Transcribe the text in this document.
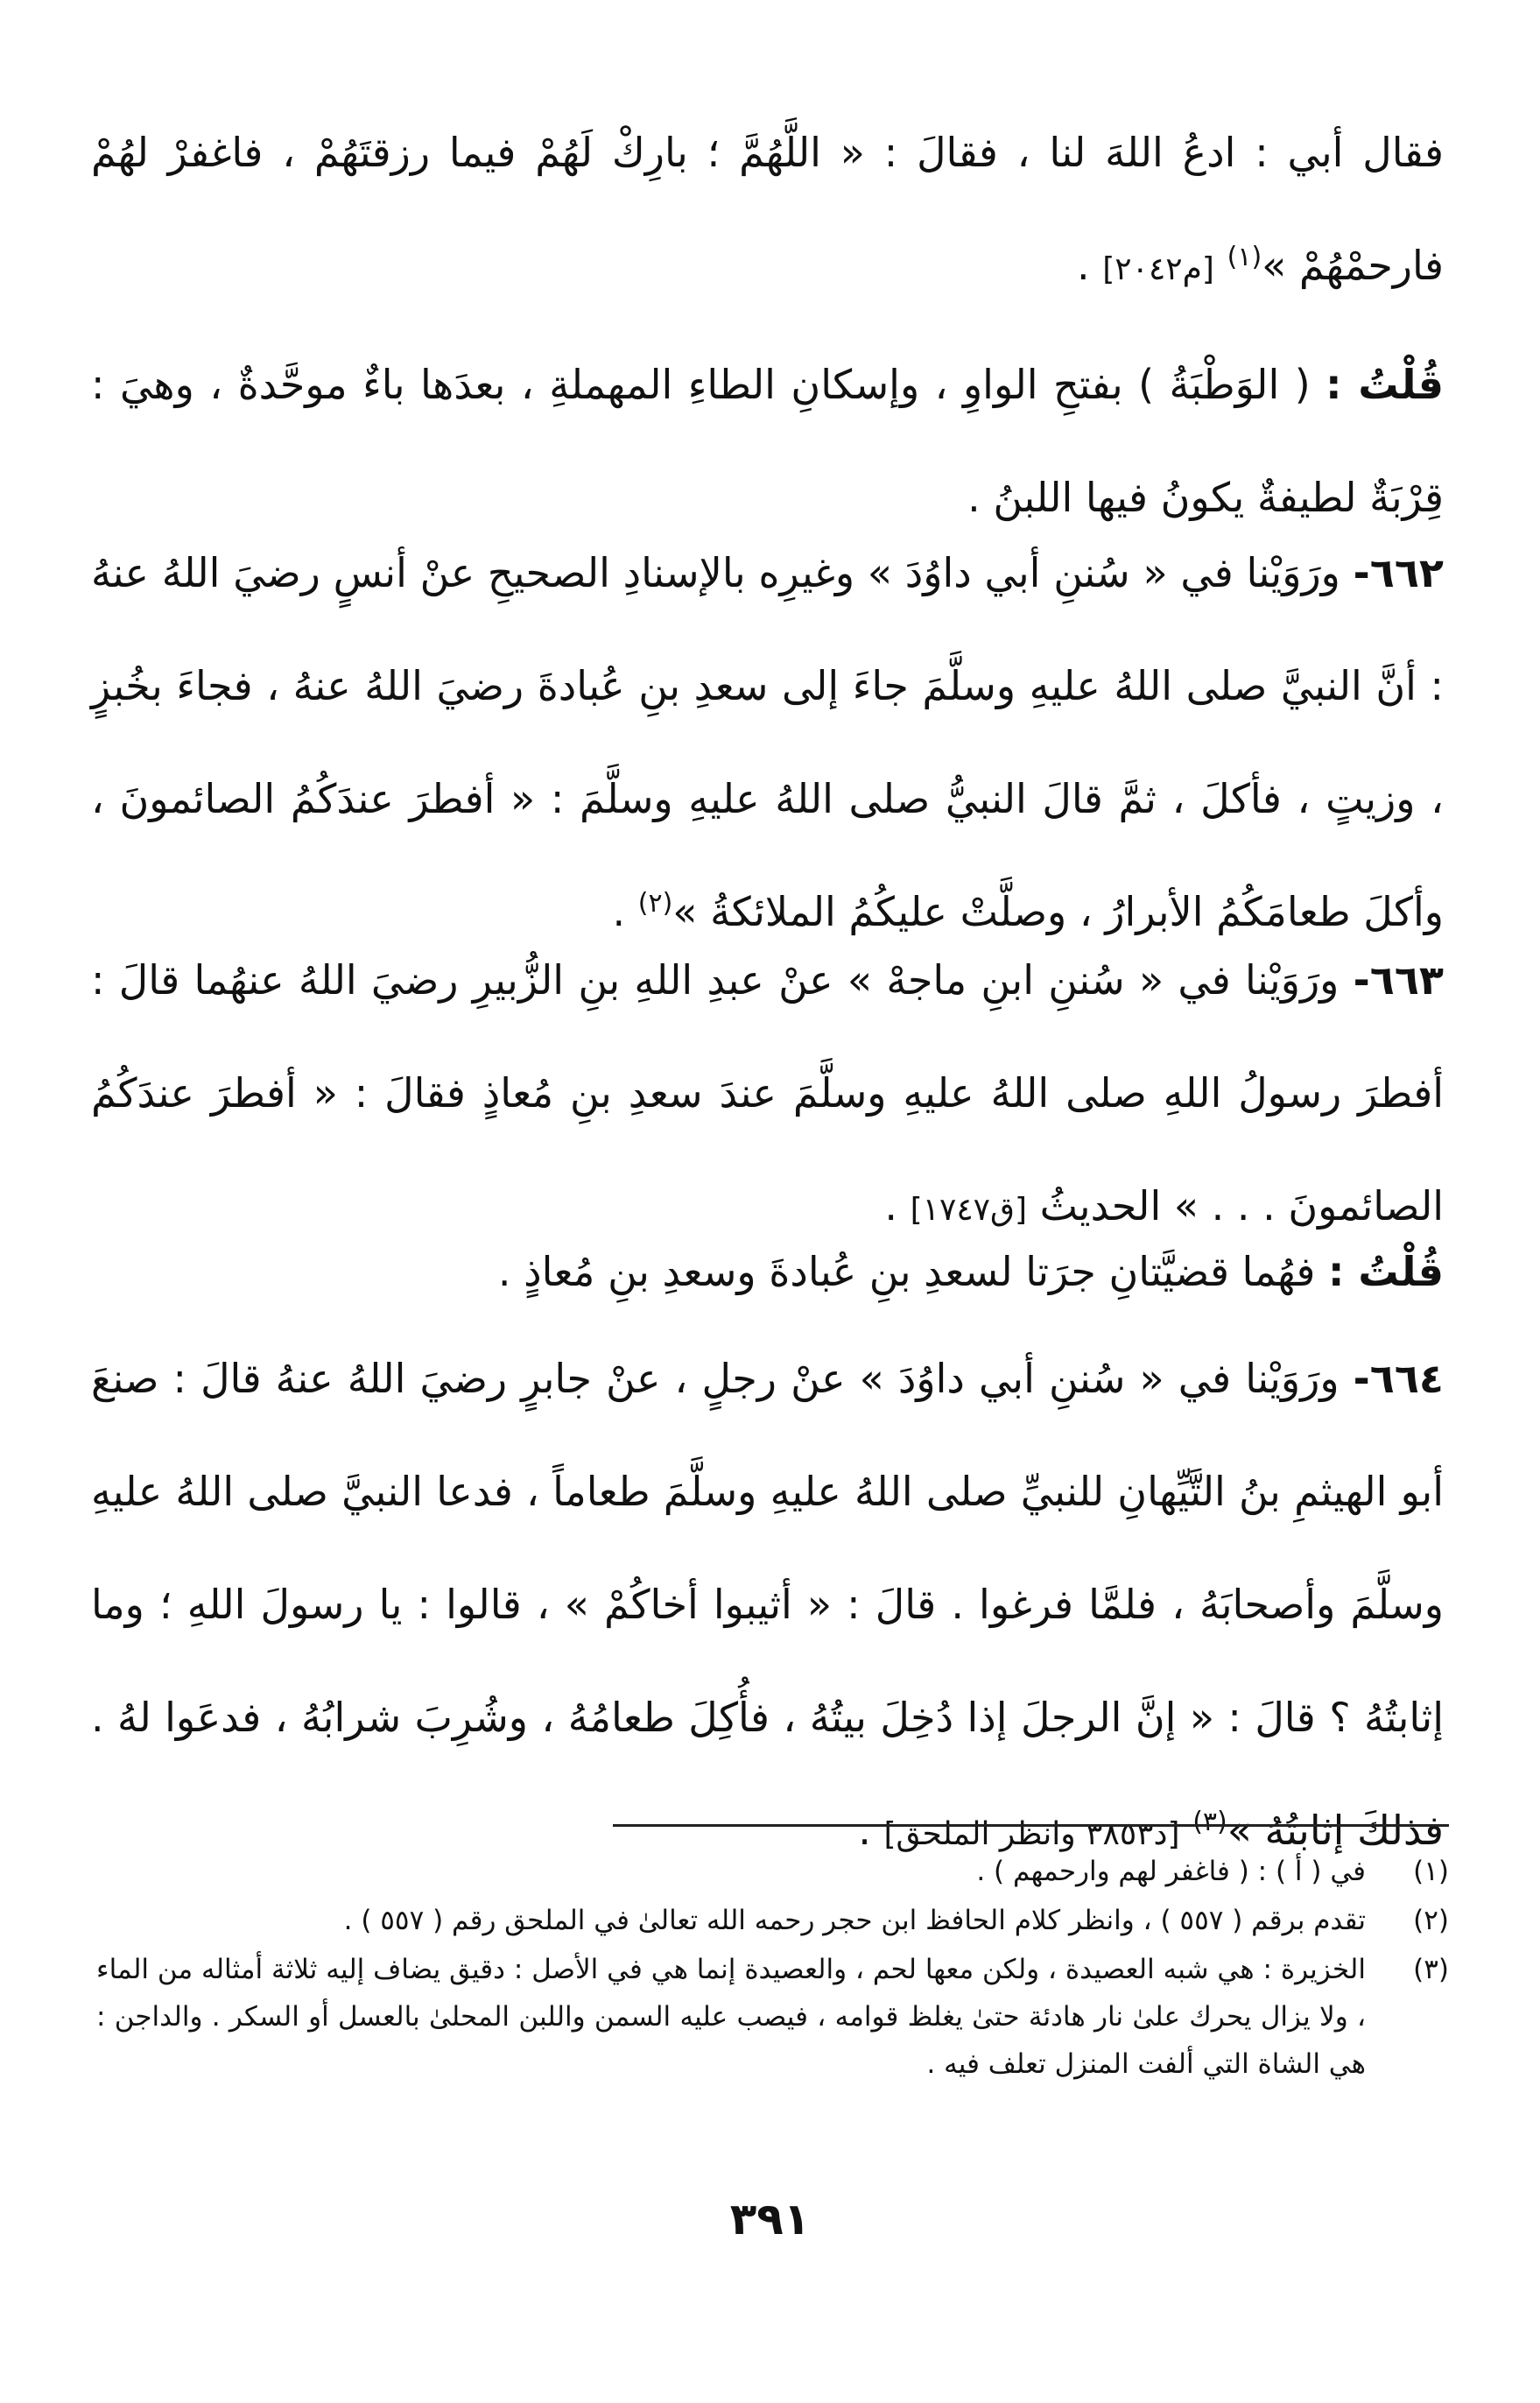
فقال أبي : ادعُ اللهَ لنا ، فقالَ : « اللَّهُمَّ ؛ بارِكْ لَهُمْ فيما رزقتَهُمْ ، فاغفرْ لهُمْ فارحمْهُمْ »$^{(١)}$ [م٢٠٤٢] .

قُلْتُ : ( الوَطْبَةُ ) بفتحِ الواوِ ، وإسكانِ الطاءِ المهملةِ ، بعدَها باءٌ موحَّدةٌ ، وهيَ : قِرْبَةٌ لطيفةٌ يكونُ فيها اللبنُ .

٦٦٢- ورَوَيْنا في « سُننِ أبي داوُدَ » وغيرِه بالإسنادِ الصحيحِ عنْ أنسٍ رضيَ اللهُ عنهُ : أنَّ النبيَّ صلى اللهُ عليهِ وسلَّمَ جاءَ إلى سعدِ بنِ عُبادةَ رضيَ اللهُ عنهُ ، فجاءَ بخُبزٍ ، وزيتٍ ، فأكلَ ، ثمَّ قالَ النبيُّ صلى اللهُ عليهِ وسلَّمَ : « أفطرَ عندَكُمُ الصائمونَ ، وأكلَ طعامَكُمُ الأبرارُ ، وصلَّتْ عليكُمُ الملائكةُ »$^{(٢)}$ .

٦٦٣- ورَوَيْنا في « سُننِ ابنِ ماجهْ » عنْ عبدِ اللهِ بنِ الزُّبيرِ رضيَ اللهُ عنهُما قالَ : أفطرَ رسولُ اللهِ صلى اللهُ عليهِ وسلَّمَ عندَ سعدِ بنِ مُعاذٍ فقالَ : « أفطرَ عندَكُمُ الصائمونَ . . . » الحديثُ [ق١٧٤٧] .

قُلْتُ : فهُما قضيَّتانِ جرَتا لسعدِ بنِ عُبادةَ وسعدِ بنِ مُعاذٍ .

٦٦٤- ورَوَيْنا في « سُننِ أبي داوُدَ » عنْ رجلٍ ، عنْ جابرٍ رضيَ اللهُ عنهُ قالَ : صنعَ أبو الهيثمِ بنُ التَّيِّهانِ للنبيِّ صلى اللهُ عليهِ وسلَّمَ طعاماً ، فدعا النبيَّ صلى اللهُ عليهِ وسلَّمَ وأصحابَهُ ، فلمَّا فرغوا . قالَ : « أثيبوا أخاكُمْ » ، قالوا : يا رسولَ اللهِ ؛ وما إثابتُهُ ؟ قالَ : « إنَّ الرجلَ إذا دُخِلَ بيتُهُ ، فأُكِلَ طعامُهُ ، وشُرِبَ شرابُهُ ، فدعَوا لهُ . فذلكَ إثابتُهُ »$^{(٣)}$ [د٣٨٥٣ وانظر الملحق] .

(١)
في ( أ ) : ( فاغفر لهم وارحمهم ) .
(٢)
تقدم برقم ( ٥٥٧ ) ، وانظر كلام الحافظ ابن حجر رحمه الله تعالىٰ في الملحق رقم ( ٥٥٧ ) .
(٣)
الخزيرة : هي شبه العصيدة ، ولكن معها لحم ، والعصيدة إنما هي في الأصل : دقيق يضاف إليه ثلاثة أمثاله من الماء ، ولا يزال يحرك علىٰ نار هادئة حتىٰ يغلظ قوامه ، فيصب عليه السمن واللبن المحلىٰ بالعسل أو السكر . والداجن : هي الشاة التي ألفت المنزل تعلف فيه .
٣٩١
